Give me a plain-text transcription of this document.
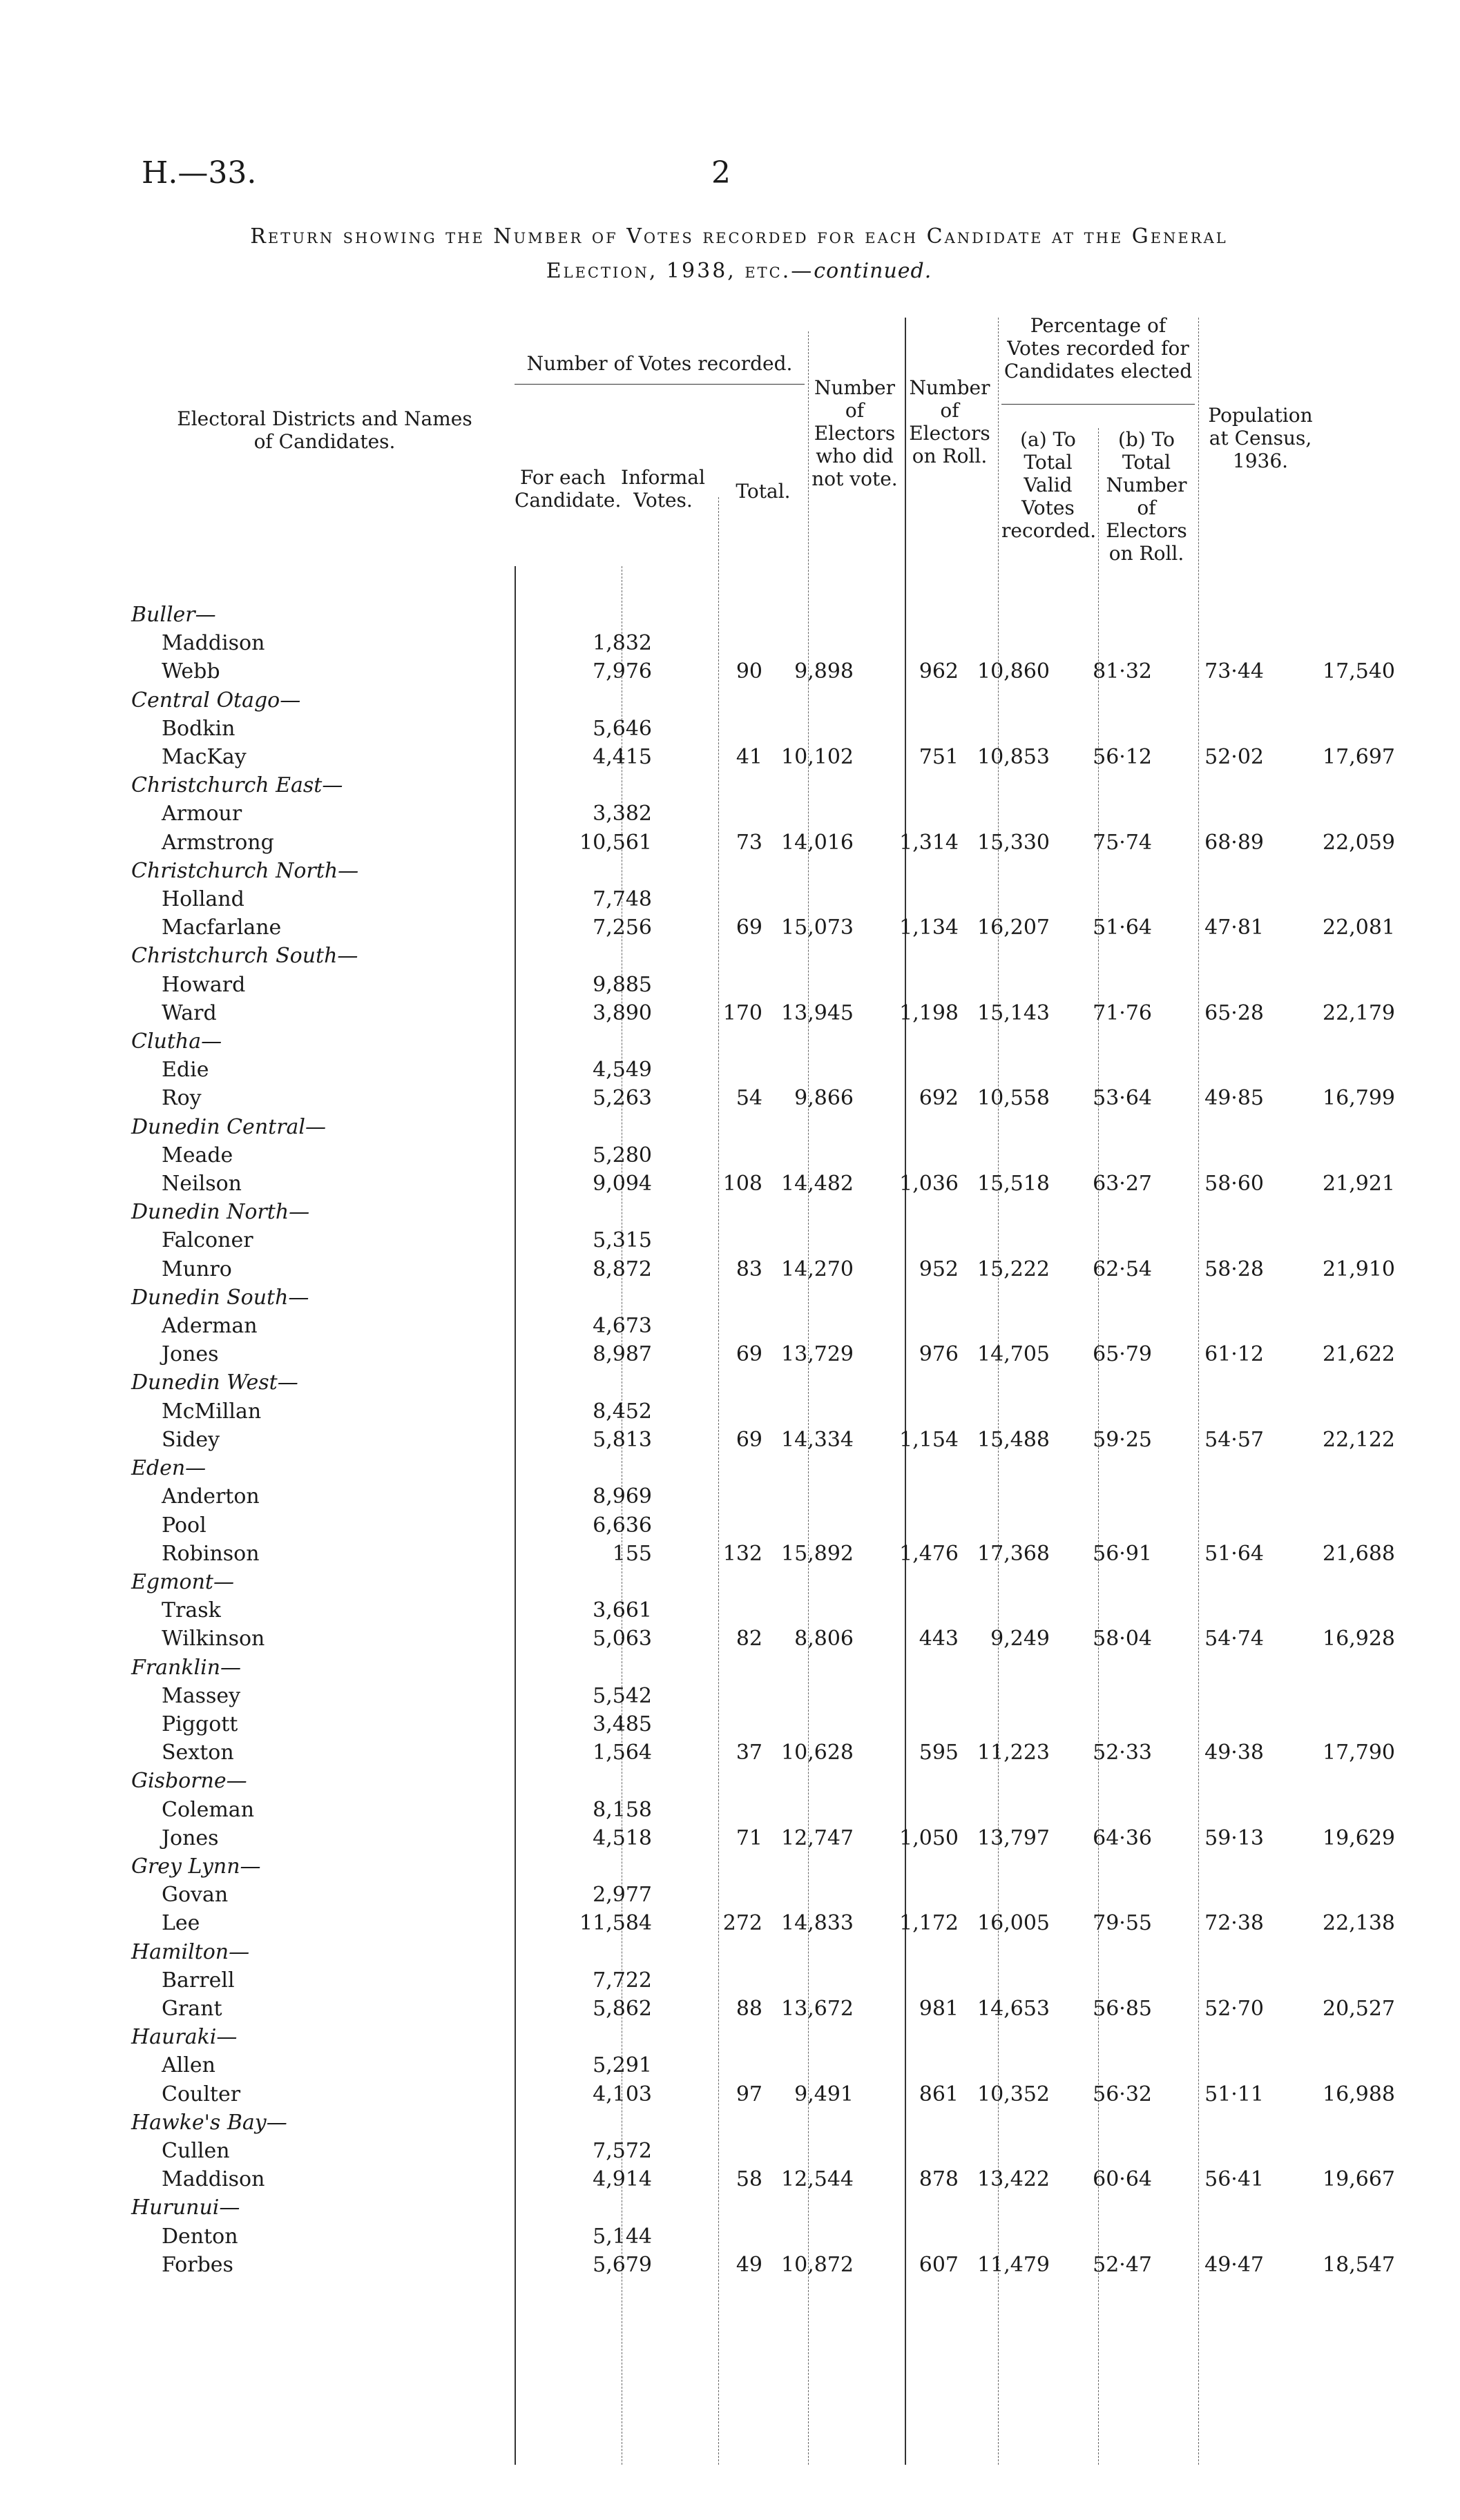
H.—33.	2
Return showing the Number of Votes recorded for each Candidate at the General
Election, 1938, etc.—continued.
Electoral Districts and Names of Candidates.
Number of Votes recorded.
For each Candidate.
Informal Votes.	Total.
Number of Electors who did not vote.
Number of Electors on Roll.
Percentage of Votes recorded for Candidates elected
(a) To Total Valid Votes recorded.
(b) To Total Number of Electors on Roll.
Population at Census, 1936.
Buller—								
Maddison	1,832							
Webb	7,976	90	9,898	962	10,860	81·32	73·44	17,540
Central Otago—								
Bodkin	5,646							
MacKay	4,415	41	10,102	751	10,853	56·12	52·02	17,697
Christchurch East—								
Armour	3,382							
Armstrong	10,561	73	14,016	1,314	15,330	75·74	68·89	22,059
Christchurch North—								
Holland	7,748							
Macfarlane	7,256	69	15,073	1,134	16,207	51·64	47·81	22,081
Christchurch South—								
Howard	9,885							
Ward	3,890	170	13,945	1,198	15,143	71·76	65·28	22,179
Clutha—								
Edie	4,549							
Roy	5,263	54	9,866	692	10,558	53·64	49·85	16,799
Dunedin Central—								
Meade	5,280							
Neilson	9,094	108	14,482	1,036	15,518	63·27	58·60	21,921
Dunedin North—								
Falconer	5,315							
Munro	8,872	83	14,270	952	15,222	62·54	58·28	21,910
Dunedin South—								
Aderman	4,673							
Jones	8,987	69	13,729	976	14,705	65·79	61·12	21,622
Dunedin West—								
McMillan	8,452							
Sidey	5,813	69	14,334	1,154	15,488	59·25	54·57	22,122
Eden—								
Anderton	8,969							
Pool	6,636							
Robinson	155	132	15,892	1,476	17,368	56·91	51·64	21,688
Egmont—								
Trask	3,661							
Wilkinson	5,063	82	8,806	443	9,249	58·04	54·74	16,928
Franklin—								
Massey	5,542							
Piggott	3,485							
Sexton	1,564	37	10,628	595	11,223	52·33	49·38	17,790
Gisborne—								
Coleman	8,158							
Jones	4,518	71	12,747	1,050	13,797	64·36	59·13	19,629
Grey Lynn—								
Govan	2,977							
Lee	11,584	272	14,833	1,172	16,005	79·55	72·38	22,138
Hamilton—								
Barrell	7,722							
Grant	5,862	88	13,672	981	14,653	56·85	52·70	20,527
Hauraki—								
Allen	5,291							
Coulter	4,103	97	9,491	861	10,352	56·32	51·11	16,988
Hawke's Bay—								
Cullen	7,572							
Maddison	4,914	58	12,544	878	13,422	60·64	56·41	19,667
Hurunui—								
Denton	5,144							
Forbes	5,679	49	10,872	607	11,479	52·47	49·47	18,547
